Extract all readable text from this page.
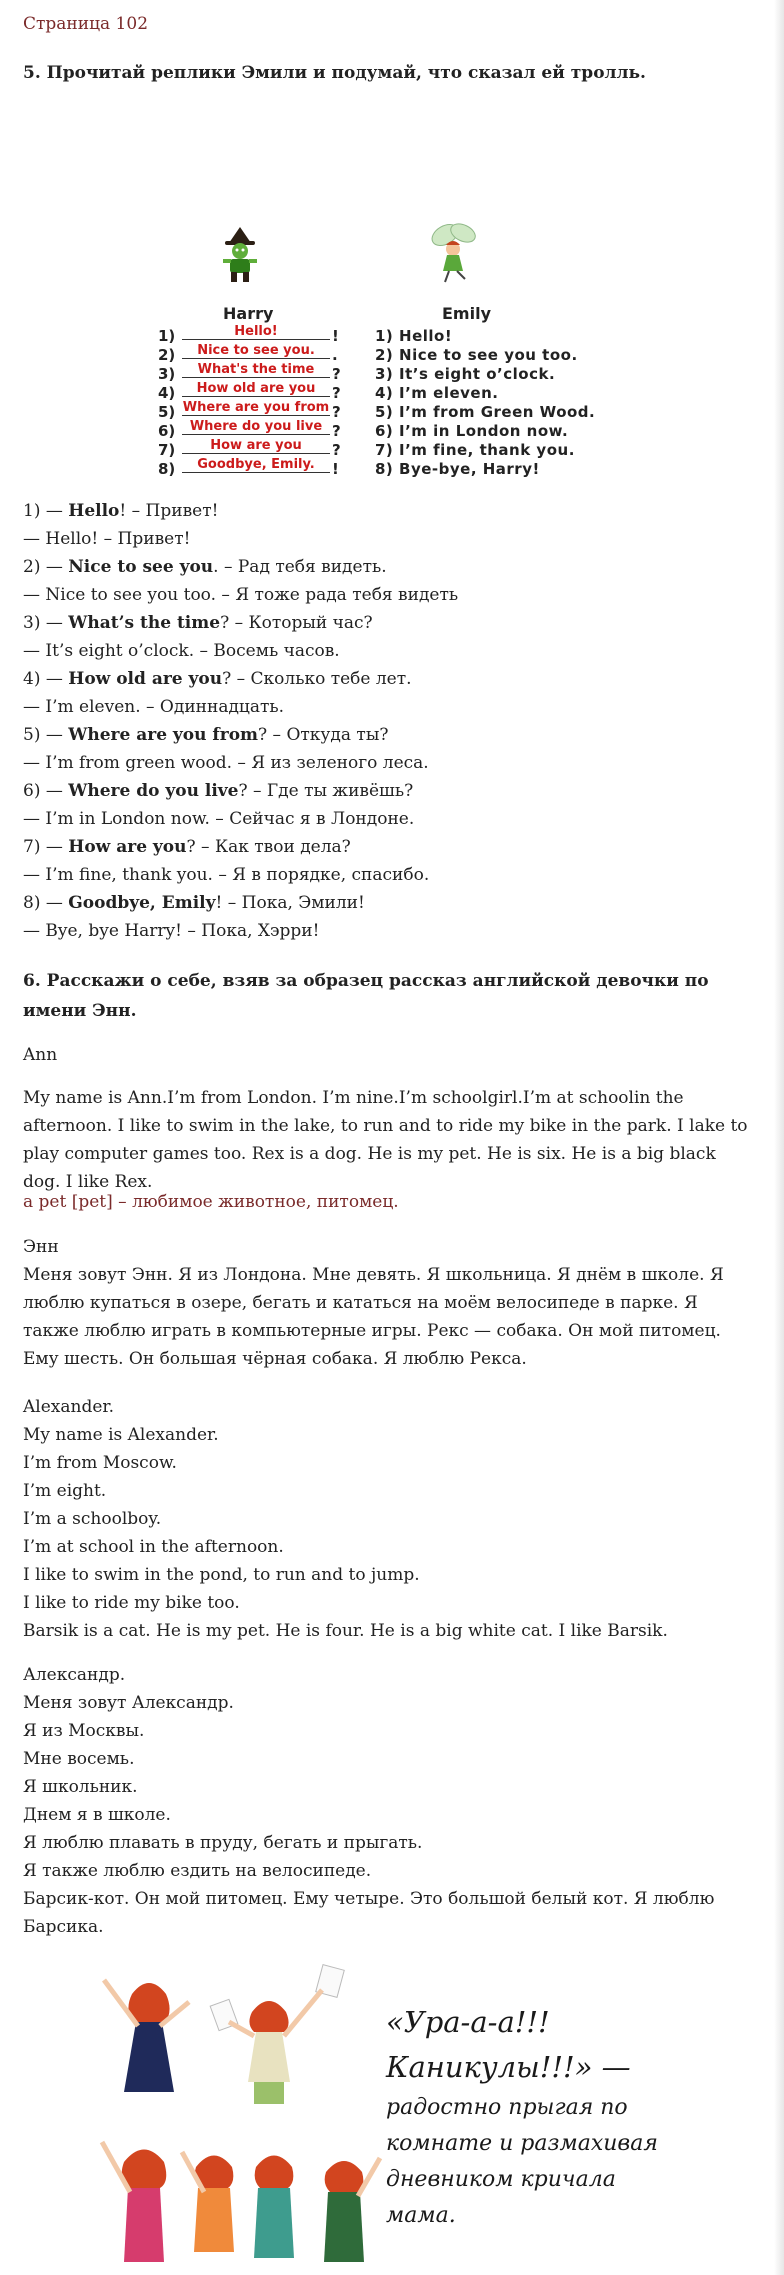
Страница 102
5. Прочитай реплики Эмили и подумай, что сказал ей тролль.
Harry	Emily
1)	Hello!	!
2)	Nice to see you.	.
3)	What's the time	?
4)	How old are you	?
5) Where are you from ?
6)	Where do you live ?
7)	How are you	?
8)	Goodbye, Emily.	!
1) Hello!
2) Nice to see you too.
3) It’s eight o’clock.
4) I’m eleven.
5) I’m from Green Wood.
6) I’m in London now.
7) I’m fine, thank you.
8) Bye-bye, Harry!
1) — Hello! – Привет!
— Hello! – Привет!
2) — Nice to see you. – Рад тебя видеть.
— Nice to see you too. – Я тоже рада тебя видеть
3) — What’s the time? – Который час?
— It’s eight o’clock. – Восемь часов.
4) — How old are you? – Сколько тебе лет.
— I’m eleven. – Одиннадцать.
5) — Where are you from? – Откуда ты?
— I’m from green wood. – Я из зеленого леса.
6) — Where do you live? – Где ты живёшь?
— I’m in London now. – Сейчас я в Лондоне.
7) — How are you? – Как твои дела?
— I’m fine, thank you. – Я в порядке, спасибо.
8) — Goodbye, Emily! – Пока, Эмили!
— Bye, bye Harry! – Пока, Хэрри!
6. Расскажи о себе, взяв за образец рассказ английской девочки по имени Энн.
Ann
My name is Ann.I’m from London. I’m nine.I’m schoolgirl.I’m at schoolin the afternoon. I like to swim in the lake, to run and to ride my bike in the park. I lake to play computer games too. Rex is a dog. He is my pet. He is six. He is a big black dog. I like Rex.
a pet [pet] – любимое животное, питомец.
Энн
Меня зовут Энн. Я из Лондона. Мне девять. Я школьница. Я днём в школе. Я люблю купаться в озере, бегать и кататься на моём велосипеде в парке. Я также люблю играть в компьютерные игры. Рекс — собака. Он мой питомец. Ему шесть. Он большая чёрная собака. Я люблю Рекса.
Alexander.
My name is Alexander.
I’m from Moscow.
I’m eight.
I’m a schoolboy.
I’m at school in the afternoon.
I like to swim in the pond, to run and to jump.
I like to ride my bike too.
Barsik is a cat. He is my pet. He is four. He is a big white cat. I like Barsik.
Александр.
Меня зовут Александр.
Я из Москвы.
Мне восемь.
Я школьник.
Днем я в школе.
Я люблю плавать в пруду, бегать и прыгать.
Я также люблю ездить на велосипеде.
Барсик-кот. Он мой питомец. Ему четыре. Это большой белый кот. Я люблю
Барсика.
«Ура-а-а!!!
Каникулы!!!» —
радостно прыгая по
комнате и размахивая
дневником кричала мама.
